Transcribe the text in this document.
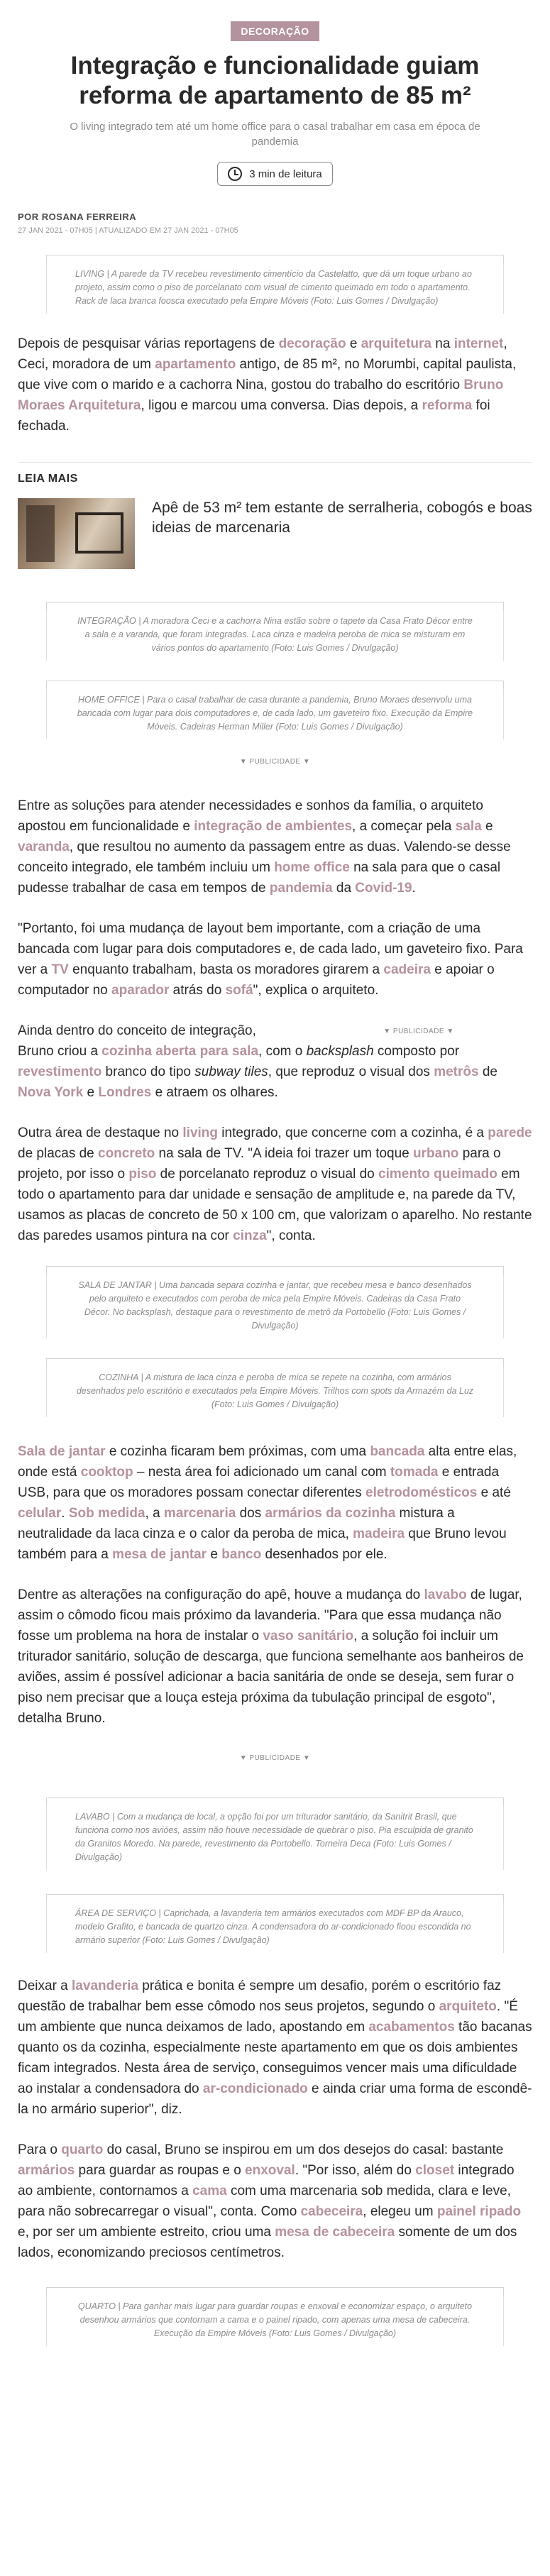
DECORAÇÃO
Integração e funcionalidade guiam reforma de apartamento de 85 m²

O living integrado tem até um home office para o casal trabalhar em casa em época de pandemia

3 min de leitura
POR ROSANA FERREIRA
27 JAN 2021 - 07H05 | ATUALIZADO EM 27 JAN 2021 - 07H05

LIVING | A parede da TV recebeu revestimento cimentício da Castelatto, que dá um toque urbano ao projeto, assim como o piso de porcelanato com visual de cimento queimado em todo o apartamento. Rack de laca branca foosca executado pela Empire Móveis (Foto: Luis Gomes / Divulgação)

Depois de pesquisar várias reportagens de decoração e arquitetura na internet, Ceci, moradora de um apartamento antigo, de 85 m², no Morumbi, capital paulista, que vive com o marido e a cachorra Nina, gostou do trabalho do escritório Bruno Moraes Arquitetura, ligou e marcou uma conversa. Dias depois, a reforma foi fechada.

LEIA MAIS
Apê de 53 m² tem estante de serralheria, cobogós e boas ideias de marcenaria

INTEGRAÇÃO | A moradora Ceci e a cachorra Nina estão sobre o tapete da Casa Frato Décor entre a sala e a varanda, que foram integradas. Laca cinza e madeira peroba de mica se misturam em vários pontos do apartamento (Foto: Luis Gomes / Divulgação)

HOME OFFICE | Para o casal trabalhar de casa durante a pandemia, Bruno Moraes desenvolu uma bancada com lugar para dois computadores e, de cada lado, um gaveteiro fixo. Execução da Empire Móveis. Cadeiras Herman Miller (Foto: Luis Gomes / Divulgação)

▼ PUBLICIDADE ▼

Entre as soluções para atender necessidades e sonhos da família, o arquiteto apostou em funcionalidade e integração de ambientes, a começar pela sala e varanda, que resultou no aumento da passagem entre as duas. Valendo-se desse conceito integrado, ele também incluiu um home office na sala para que o casal pudesse trabalhar de casa em tempos de pandemia da Covid-19.

"Portanto, foi uma mudança de layout bem importante, com a criação de uma bancada com lugar para dois computadores e, de cada lado, um gaveteiro fixo. Para ver a TV enquanto trabalham, basta os moradores girarem a cadeira e apoiar o computador no aparador atrás do sofá", explica o arquiteto.

▼ PUBLICIDADE ▼

Ainda dentro do conceito de integração, Bruno criou a cozinha aberta para sala, com o backsplash composto por revestimento branco do tipo subway tiles, que reproduz o visual dos metrôs de Nova York e Londres e atraem os olhares.

Outra área de destaque no living integrado, que concerne com a cozinha, é a parede de placas de concreto na sala de TV. "A ideia foi trazer um toque urbano para o projeto, por isso o piso de porcelanato reproduz o visual do cimento queimado em todo o apartamento para dar unidade e sensação de amplitude e, na parede da TV, usamos as placas de concreto de 50 x 100 cm, que valorizam o aparelho. No restante das paredes usamos pintura na cor cinza", conta.

SALA DE JANTAR | Uma bancada separa cozinha e jantar, que recebeu mesa e banco desenhados pelo arquiteto e executados com peroba de mica pela Empire Móveis. Cadeiras da Casa Frato Décor. No backsplash, destaque para o revestimento de metrô da Portobello (Foto: Luis Gomes / Divulgação)

COZINHA | A mistura de laca cinza e peroba de mica se repete na cozinha, com armários desenhados pelo escritório e executados pela Empire Móveis. Trilhos com spots da Armazém da Luz (Foto: Luis Gomes / Divulgação)

Sala de jantar e cozinha ficaram bem próximas, com uma bancada alta entre elas, onde está cooktop – nesta área foi adicionado um canal com tomada e entrada USB, para que os moradores possam conectar diferentes eletrodomésticos e até celular. Sob medida, a marcenaria dos armários da cozinha mistura a neutralidade da laca cinza e o calor da peroba de mica, madeira que Bruno levou também para a mesa de jantar e banco desenhados por ele.

Dentre as alterações na configuração do apê, houve a mudança do lavabo de lugar, assim o cômodo ficou mais próximo da lavanderia. "Para que essa mudança não fosse um problema na hora de instalar o vaso sanitário, a solução foi incluir um triturador sanitário, solução de descarga, que funciona semelhante aos banheiros de aviões, assim é possível adicionar a bacia sanitária de onde se deseja, sem furar o piso nem precisar que a louça esteja próxima da tubulação principal de esgoto", detalha Bruno.

▼ PUBLICIDADE ▼

LAVABO | Com a mudança de local, a opção foi por um triturador sanitário, da Sanitrit Brasil, que funciona como nos avióes, assim não houve necessidade de quebrar o piso. Pia esculpida de granito da Granitos Moredo. Na parede, revestimento da Portobello. Torneira Deca (Foto: Luis Gomes / Divulgação)

ÁREA DE SERVIÇO | Caprichada, a lavanderia tem armários executados com MDF BP da Arauco, modelo Grafito, e bancada de quartzo cinza. A condensadora do ar-condicionado fioou escondida no armário superior (Foto: Luis Gomes / Divulgação)

Deixar a lavanderia prática e bonita é sempre um desafio, porém o escritório faz questão de trabalhar bem esse cômodo nos seus projetos, segundo o arquiteto. "É um ambiente que nunca deixamos de lado, apostando em acabamentos tão bacanas quanto os da cozinha, especialmente neste apartamento em que os dois ambientes ficam integrados. Nesta área de serviço, conseguimos vencer mais uma dificuldade ao instalar a condensadora do ar-condicionado e ainda criar uma forma de escondê-la no armário superior", diz.

Para o quarto do casal, Bruno se inspirou em um dos desejos do casal: bastante armários para guardar as roupas e o enxoval. "Por isso, além do closet integrado ao ambiente, contornamos a cama com uma marcenaria sob medida, clara e leve, para não sobrecarregar o visual", conta. Como cabeceira, elegeu um painel ripado e, por ser um ambiente estreito, criou uma mesa de cabeceira somente de um dos lados, economizando preciosos centímetros.

QUARTO | Para ganhar mais lugar para guardar roupas e enxoval e economizar espaço, o arquiteto desenhou armários que contornam a cama e o painel ripado, com apenas uma mesa de cabeceira. Execução da Empire Móveis (Foto: Luis Gomes / Divulgação)
